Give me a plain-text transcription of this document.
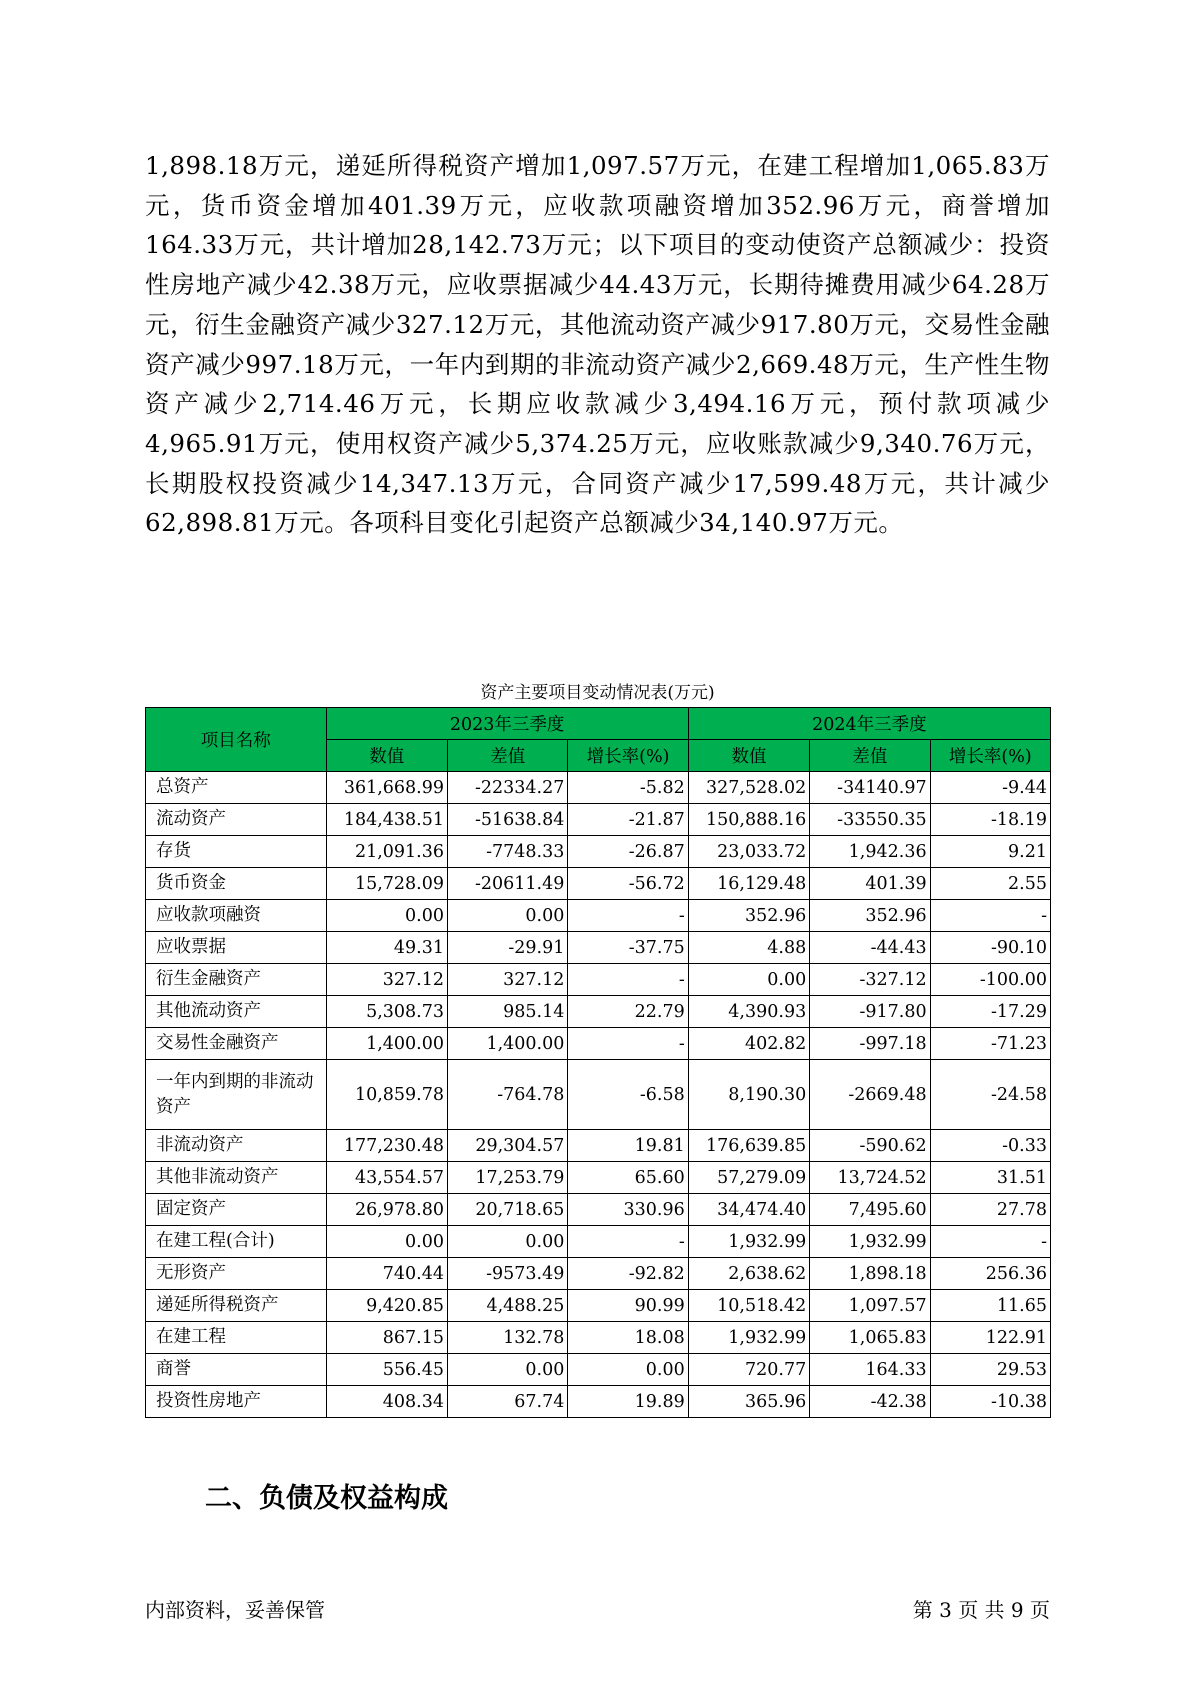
1,898.18万元，递延所得税资产增加1,097.57万元，在建工程增加1,065.83万元，货币资金增加401.39万元，应收款项融资增加352.96万元，商誉增加164.33万元，共计增加28,142.73万元；以下项目的变动使资产总额减少：投资性房地产减少42.38万元，应收票据减少44.43万元，长期待摊费用减少64.28万元，衍生金融资产减少327.12万元，其他流动资产减少917.80万元，交易性金融资产减少997.18万元，一年内到期的非流动资产减少2,669.48万元，生产性生物资产减少2,714.46万元，长期应收款减少3,494.16万元，预付款项减少4,965.91万元，使用权资产减少5,374.25万元，应收账款减少9,340.76万元，长期股权投资减少14,347.13万元，合同资产减少17,599.48万元，共计减少62,898.81万元。各项科目变化引起资产总额减少34,140.97万元。

资产主要项目变动情况表(万元)
项目名称	2023年三季度			2024年三季度		
	数值	差值	增长率(%)	数值	差值	增长率(%)
总资产	361,668.99	-22334.27	-5.82	327,528.02	-34140.97	-9.44
流动资产	184,438.51	-51638.84	-21.87	150,888.16	-33550.35	-18.19
存货	21,091.36	-7748.33	-26.87	23,033.72	1,942.36	9.21
货币资金	15,728.09	-20611.49	-56.72	16,129.48	401.39	2.55
应收款项融资	0.00	0.00	-	352.96	352.96	-
应收票据	49.31	-29.91	-37.75	4.88	-44.43	-90.10
衍生金融资产	327.12	327.12	-	0.00	-327.12	-100.00
其他流动资产	5,308.73	985.14	22.79	4,390.93	-917.80	-17.29
交易性金融资产	1,400.00	1,400.00	-	402.82	-997.18	-71.23
一年内到期的非流动资产	10,859.78	-764.78	-6.58	8,190.30	-2669.48	-24.58
非流动资产	177,230.48	29,304.57	19.81	176,639.85	-590.62	-0.33
其他非流动资产	43,554.57	17,253.79	65.60	57,279.09	13,724.52	31.51
固定资产	26,978.80	20,718.65	330.96	34,474.40	7,495.60	27.78
在建工程(合计)	0.00	0.00	-	1,932.99	1,932.99	-
无形资产	740.44	-9573.49	-92.82	2,638.62	1,898.18	256.36
递延所得税资产	9,420.85	4,488.25	90.99	10,518.42	1,097.57	11.65
在建工程	867.15	132.78	18.08	1,932.99	1,065.83	122.91
商誉	556.45	0.00	0.00	720.77	164.33	29.53
投资性房地产	408.34	67.74	19.89	365.96	-42.38	-10.38
二、负债及权益构成
内部资料，妥善保管	第 3 页 共 9 页
